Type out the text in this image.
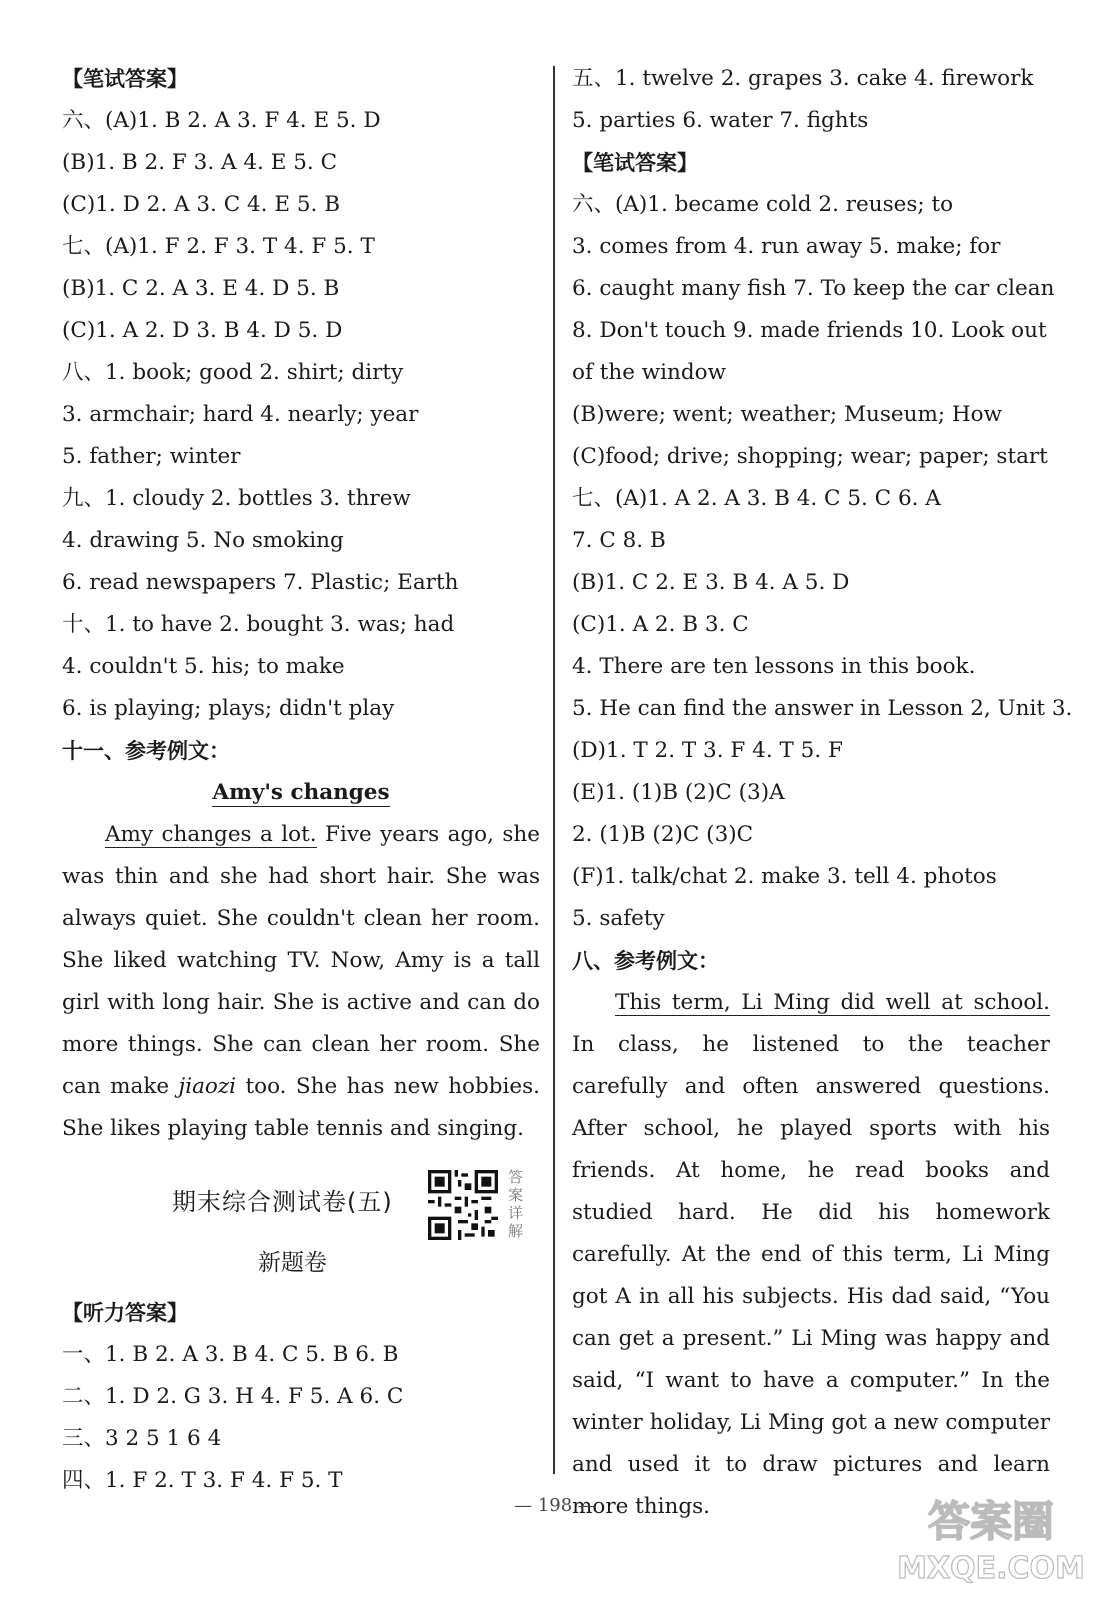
【笔试答案】
六、(A)1. B 2. A 3. F 4. E 5. D
(B)1. B 2. F 3. A 4. E 5. C
(C)1. D 2. A 3. C 4. E 5. B
七、(A)1. F 2. F 3. T 4. F 5. T
(B)1. C 2. A 3. E 4. D 5. B
(C)1. A 2. D 3. B 4. D 5. D
八、1. book; good 2. shirt; dirty
3. armchair; hard 4. nearly; year
5. father; winter
九、1. cloudy 2. bottles 3. threw
4. drawing 5. No smoking
6. read newspapers 7. Plastic; Earth
十、1. to have 2. bought 3. was; had
4. couldn't 5. his; to make
6. is playing; plays; didn't play
十一、参考例文：
Amy's changes

Amy changes a lot. Five years ago, she was thin and she had short hair. She was always quiet. She couldn't clean her room. She liked watching TV. Now, Amy is a tall girl with long hair. She is active and can do more things. She can clean her room. She can make jiaozi too. She has new hobbies. She likes playing table tennis and singing.

期末综合测试卷(五)
答案详解
新题卷
【听力答案】
一、1. B 2. A 3. B 4. C 5. B 6. B
二、1. D 2. G 3. H 4. F 5. A 6. C
三、3 2 5 1 6 4
四、1. F 2. T 3. F 4. F 5. T
五、1. twelve 2. grapes 3. cake 4. firework
5. parties 6. water 7. fights
【笔试答案】
六、(A)1. became cold 2. reuses; to
3. comes from 4. run away 5. make; for
6. caught many fish 7. To keep the car clean
8. Don't touch 9. made friends 10. Look out
of the window
(B)were; went; weather; Museum; How
(C)food; drive; shopping; wear; paper; start
七、(A)1. A 2. A 3. B 4. C 5. C 6. A
7. C 8. B
(B)1. C 2. E 3. B 4. A 5. D
(C)1. A 2. B 3. C
4. There are ten lessons in this book.
5. He can find the answer in Lesson 2, Unit 3.
(D)1. T 2. T 3. F 4. T 5. F
(E)1. (1)B (2)C (3)A
2. (1)B (2)C (3)C
(F)1. talk/chat 2. make 3. tell 4. photos
5. safety
八、参考例文：

This term, Li Ming did well at school. In class, he listened to the teacher carefully and often answered questions. After school, he played sports with his friends. At home, he read books and studied hard. He did his homework carefully. At the end of this term, Li Ming got A in all his subjects. His dad said, “You can get a present.” Li Ming was happy and said, “I want to have a computer.” In the winter holiday, Li Ming got a new computer and used it to draw pictures and learn more things.

— 198 —	答案圈
MXQE.COM
